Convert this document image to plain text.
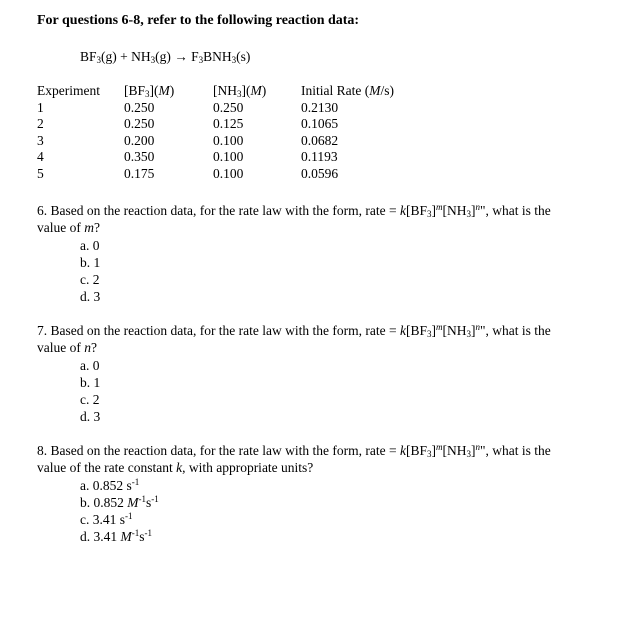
For questions 6-8, refer to the following reaction data:
$BF_3(g) + NH_3(g) \to F_3BNH_3(s)$
Experiment
1
2
3
4
5
$[BF_3](M)$
0.250
0.250
0.200
0.350
0.175
$[NH_3](M)$
0.250
0.125
0.100
0.100
0.100
Initial Rate (M/s)
0.2130
0.1065
0.0682
0.1193
0.0596
6. Based on the reaction data, for the rate law with the form, rate = $k[BF_3]^m[NH_3]^n$", what is the
value of m?
a. 0
b. 1
c. 2
d. 3
7. Based on the reaction data, for the rate law with the form, rate = $k[BF_3]^m[NH_3]^n$", what is the
value of n?
a. 0
b. 1
c. 2
d. 3
8. Based on the reaction data, for the rate law with the form, rate = $k[BF_3]^m[NH_3]^n$", what is the
value of the rate constant k, with appropriate units?
a. 0.852 $s^{-1}$
b. 0.852 $M^{-1}s^{-1}$
c. 3.41 $s^{-1}$
d. 3.41 $M^{-1}s^{-1}$
